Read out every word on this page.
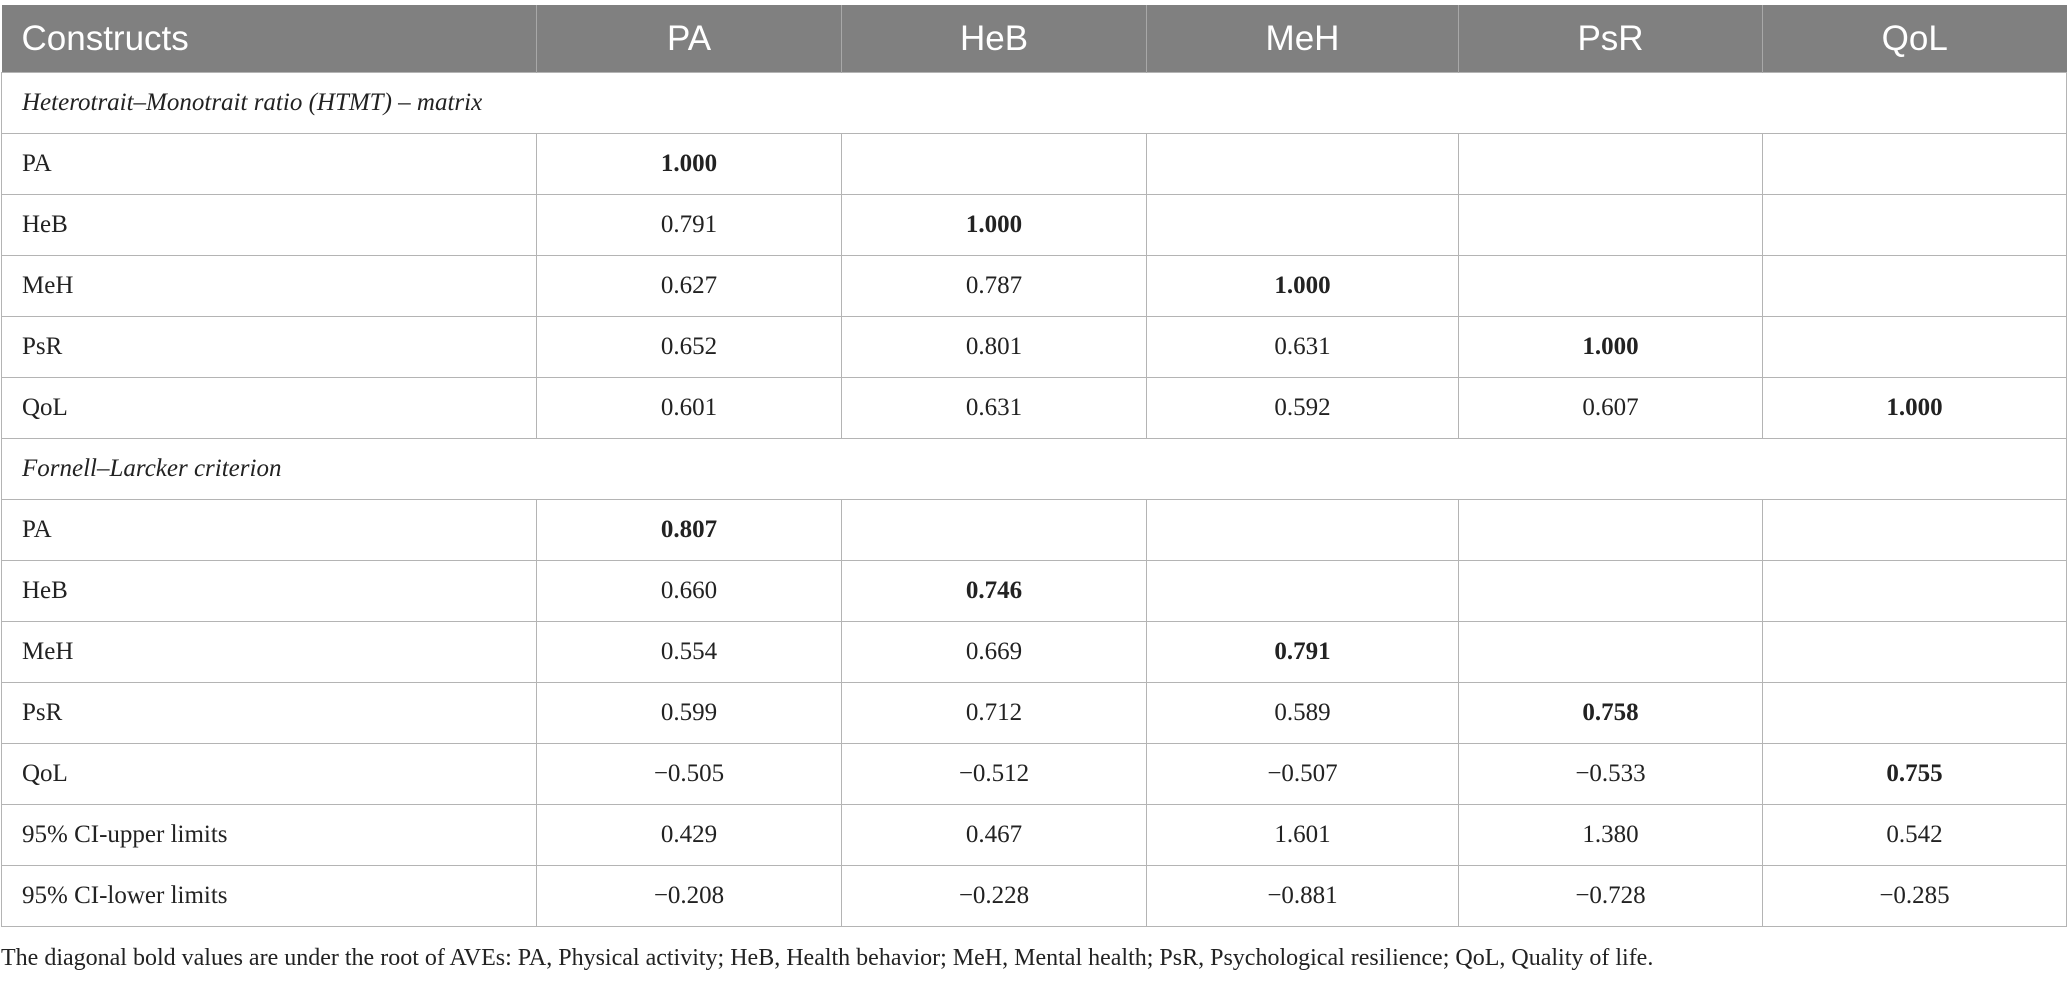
Constructs	PA	HeB	MeH	PsR	QoL
Heterotrait–Monotrait ratio (HTMT) – matrix					
PA	1.000				
HeB	0.791	1.000			
MeH	0.627	0.787	1.000		
PsR	0.652	0.801	0.631	1.000	
QoL	0.601	0.631	0.592	0.607	1.000
Fornell–Larcker criterion					
PA	0.807				
HeB	0.660	0.746			
MeH	0.554	0.669	0.791		
PsR	0.599	0.712	0.589	0.758	
QoL	−0.505	−0.512	−0.507	−0.533	0.755
95% CI-upper limits	0.429	0.467	1.601	1.380	0.542
95% CI-lower limits	−0.208	−0.228	−0.881	−0.728	−0.285
The diagonal bold values are under the root of AVEs: PA, Physical activity; HeB, Health behavior; MeH, Mental health; PsR, Psychological resilience; QoL, Quality of life.
